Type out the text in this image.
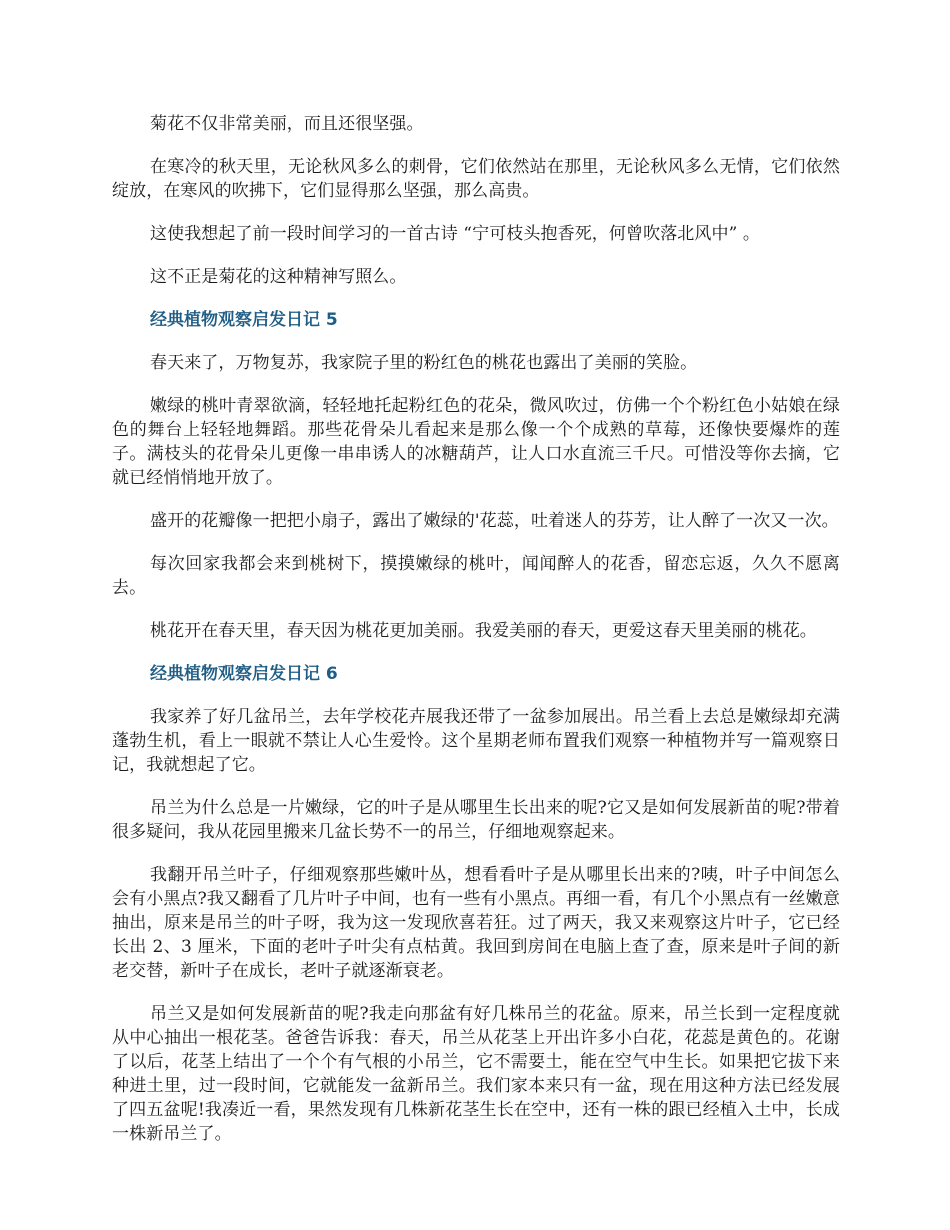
菊花不仅非常美丽，而且还很坚强。

在寒冷的秋天里，无论秋风多么的刺骨，它们依然站在那里，无论秋风多么无情，它们依然绽放，在寒风的吹拂下，它们显得那么坚强，那么高贵。

这使我想起了前一段时间学习的一首古诗 “宁可枝头抱香死，何曾吹落北风中” 。

这不正是菊花的这种精神写照么。

经典植物观察启发日记 5

春天来了，万物复苏，我家院子里的粉红色的桃花也露出了美丽的笑脸。

嫩绿的桃叶青翠欲滴，轻轻地托起粉红色的花朵，微风吹过，仿佛一个个粉红色小姑娘在绿色的舞台上轻轻地舞蹈。那些花骨朵儿看起来是那么像一个个成熟的草莓，还像快要爆炸的莲子。满枝头的花骨朵儿更像一串串诱人的冰糖葫芦，让人口水直流三千尺。可惜没等你去摘，它就已经悄悄地开放了。

盛开的花瓣像一把把小扇子，露出了嫩绿的'花蕊，吐着迷人的芬芳，让人醉了一次又一次。

每次回家我都会来到桃树下，摸摸嫩绿的桃叶，闻闻醉人的花香，留恋忘返，久久不愿离去。

桃花开在春天里，春天因为桃花更加美丽。我爱美丽的春天，更爱这春天里美丽的桃花。

经典植物观察启发日记 6

我家养了好几盆吊兰，去年学校花卉展我还带了一盆参加展出。吊兰看上去总是嫩绿却充满蓬勃生机，看上一眼就不禁让人心生爱怜。这个星期老师布置我们观察一种植物并写一篇观察日记，我就想起了它。

吊兰为什么总是一片嫩绿，它的叶子是从哪里生长出来的呢?它又是如何发展新苗的呢?带着很多疑问，我从花园里搬来几盆长势不一的吊兰，仔细地观察起来。

我翻开吊兰叶子，仔细观察那些嫩叶丛，想看看叶子是从哪里长出来的?咦，叶子中间怎么会有小黑点?我又翻看了几片叶子中间，也有一些有小黑点。再细一看，有几个小黑点有一丝嫩意抽出，原来是吊兰的叶子呀，我为这一发现欣喜若狂。过了两天，我又来观察这片叶子，它已经长出 2、3 厘米，下面的老叶子叶尖有点枯黄。我回到房间在电脑上查了查，原来是叶子间的新老交替，新叶子在成长，老叶子就逐渐衰老。

吊兰又是如何发展新苗的呢?我走向那盆有好几株吊兰的花盆。原来，吊兰长到一定程度就从中心抽出一根花茎。爸爸告诉我：春天，吊兰从花茎上开出许多小白花，花蕊是黄色的。花谢了以后，花茎上结出了一个个有气根的小吊兰，它不需要土，能在空气中生长。如果把它拔下来种进土里，过一段时间，它就能发一盆新吊兰。我们家本来只有一盆，现在用这种方法已经发展了四五盆呢!我凑近一看，果然发现有几株新花茎生长在空中，还有一株的跟已经植入土中，长成一株新吊兰了。
